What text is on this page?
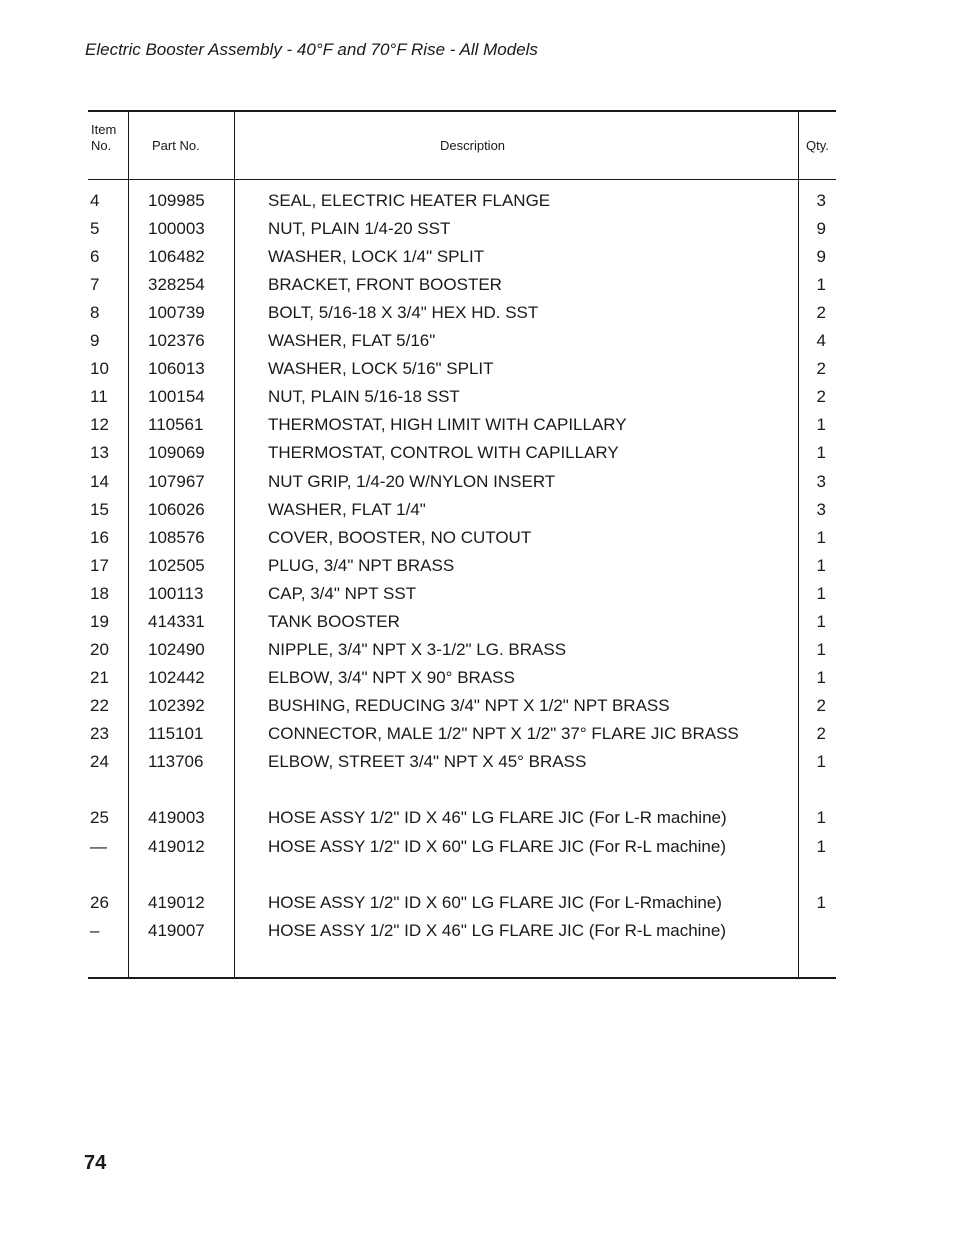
Electric Booster Assembly - 40°F and 70°F Rise - All Models
Item
No.	Part No.	Description	Qty.
4	109985	SEAL, ELECTRIC HEATER FLANGE	3
5	100003	NUT, PLAIN 1/4-20 SST	9
6	106482	WASHER, LOCK 1/4" SPLIT	9
7	328254	BRACKET, FRONT BOOSTER	1
8	100739	BOLT, 5/16-18 X 3/4" HEX HD. SST	2
9	102376	WASHER, FLAT 5/16"	4
10 106013	WASHER, LOCK 5/16" SPLIT	2
11 100154	NUT, PLAIN 5/16-18 SST	2
12 110561	THERMOSTAT, HIGH LIMIT WITH CAPILLARY	1
13 109069	THERMOSTAT, CONTROL WITH CAPILLARY	1
14 107967	NUT GRIP, 1/4-20 W/NYLON INSERT	3
15 106026	WASHER, FLAT 1/4"	3
16 108576	COVER, BOOSTER, NO CUTOUT	1
17 102505	PLUG, 3/4" NPT BRASS	1
18 100113	CAP, 3/4" NPT SST	1
19 414331	TANK BOOSTER	1
20 102490	NIPPLE, 3/4" NPT X 3-1/2" LG. BRASS	1
21 102442	ELBOW, 3/4" NPT X 90° BRASS	1
22 102392	BUSHING, REDUCING 3/4" NPT X 1/2" NPT BRASS	2
23 115101	CONNECTOR, MALE 1/2" NPT X 1/2" 37° FLARE JIC BRASS	2
24 113706	ELBOW, STREET 3/4" NPT X 45° BRASS	1
25 419003	HOSE ASSY 1/2" ID X 46" LG FLARE JIC (For L-R machine)	1
— 419012	HOSE ASSY 1/2" ID X 60" LG FLARE JIC (For R-L machine)	1
26 419012	HOSE ASSY 1/2" ID X 60" LG FLARE JIC (For L-Rmachine)	1
–	419007	HOSE ASSY 1/2" ID X 46" LG FLARE JIC (For R-L machine)
74
